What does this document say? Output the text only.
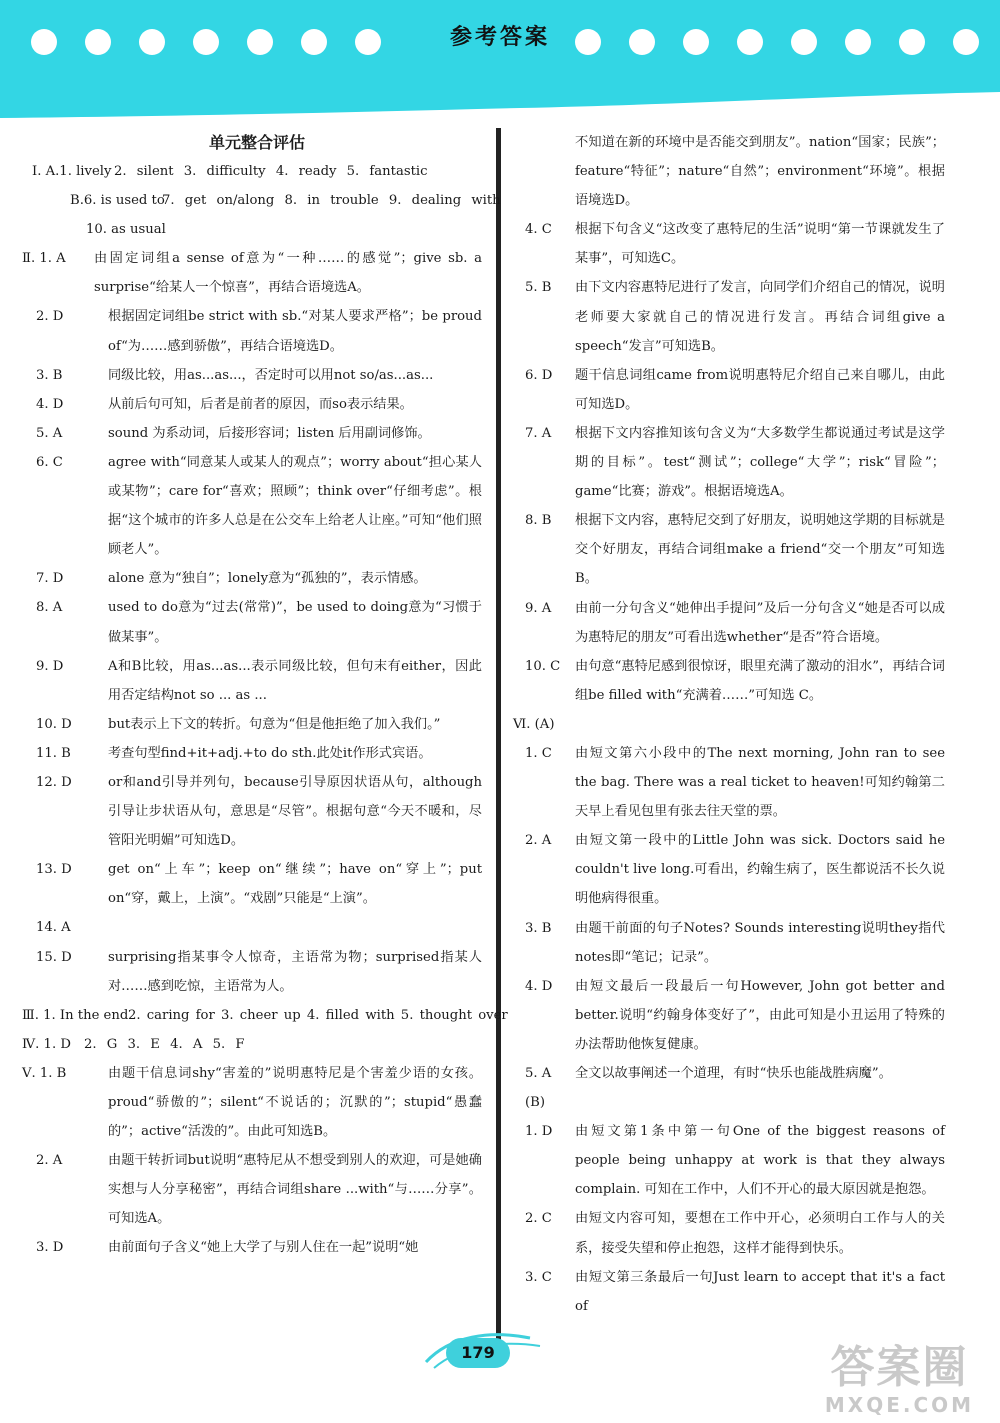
参考答案
单元整合评估
Ⅰ. A.1. lively 2. silent 3. difficulty 4. ready 5. fantastic
B.6. is used to
7. get on/along 8. in trouble 9. dealing with
10. as usual
Ⅱ. 1. A	由固定词组a sense of意为“一种……的感觉”；give sb. a surprise“给某人一个惊喜”，再结合语境选A。
2. D	根据固定词组be strict with sb.“对某人要求严格”；be proud of“为……感到骄傲”，再结合语境选D。
3. B	同级比较，用as...as...，否定时可以用not so/as...as...
4. D	从前后句可知，后者是前者的原因，而so表示结果。
5. A	sound 为系动词，后接形容词；listen 后用副词修饰。
6. C	agree with“同意某人或某人的观点”；worry about“担心某人或某物”；care for“喜欢；照顾”；think over“仔细考虑”。根据“这个城市的许多人总是在公交车上给老人让座。”可知“他们照顾老人”。
7. D	alone 意为“独自”；lonely意为“孤独的”，表示情感。
8. A	used to do意为“过去(常常)”，be used to doing意为“习惯于做某事”。
9. D	A和B比较，用as...as...表示同级比较，但句末有either，因此用否定结构not so ... as ...
10. D	but表示上下文的转折。句意为“但是他拒绝了加入我们。”
11. B	考查句型find+it+adj.+to do sth.此处it作形式宾语。
12. D	or和and引导并列句，because引导原因状语从句，although引导让步状语从句，意思是“尽管”。根据句意“今天不暖和，尽管阳光明媚”可知选D。
13. D	get on“上车”；keep on“继续”；have on“穿上”；put on“穿，戴上，上演”。“戏剧”只能是“上演”。
14. A
15. D	surprising指某事令人惊奇，主语常为物；surprised指某人对……感到吃惊，主语常为人。
Ⅲ. 1. In the end 2. caring for 3. cheer up 4. filled with 5. thought over
Ⅳ. 1. D 2. G 3. E 4. A 5. F
Ⅴ. 1. B	由题干信息词shy“害羞的”说明惠特尼是个害羞少语的女孩。proud“骄傲的”；silent“不说话的；沉默的”；stupid“愚蠢的”；active“活泼的”。由此可知选B。
2. A	由题干转折词but说明“惠特尼从不想受到别人的欢迎，可是她确实想与人分享秘密”，再结合词组share ...with“与……分享”。可知选A。
3. D	由前面句子含义“她上大学了与别人住在一起”说明“她
不知道在新的环境中是否能交到朋友”。nation“国家；民族”；feature“特征”；nature“自然”；environment“环境”。根据语境选D。
4. C	根据下句含义“这改变了惠特尼的生活”说明“第一节课就发生了某事”，可知选C。
5. B	由下文内容惠特尼进行了发言，向同学们介绍自己的情况，说明老师要大家就自己的情况进行发言。再结合词组give a speech“发言”可知选B。
6. D	题干信息词组came from说明惠特尼介绍自己来自哪儿，由此可知选D。
7. A	根据下文内容推知该句含义为“大多数学生都说通过考试是这学期的目标”。test“测试”；college“大学”；risk“冒险”；game“比赛；游戏”。根据语境选A。
8. B	根据下文内容，惠特尼交到了好朋友，说明她这学期的目标就是交个好朋友，再结合词组make a friend“交一个朋友”可知选B。
9. A	由前一分句含义“她伸出手提问”及后一分句含义“她是否可以成为惠特尼的朋友”可看出选whether“是否”符合语境。
10. C	由句意“惠特尼感到很惊讶，眼里充满了激动的泪水”，再结合词组be filled with“充满着……”可知选 C。
Ⅵ. (A)
1. C	由短文第六小段中的The next morning, John ran to see the bag. There was a real ticket to heaven!可知约翰第二天早上看见包里有张去往天堂的票。
2. A	由短文第一段中的Little John was sick. Doctors said he couldn't live long.可看出，约翰生病了，医生都说活不长久说明他病得很重。
3. B	由题干前面的句子Notes? Sounds interesting说明they指代notes即“笔记；记录”。
4. D	由短文最后一段最后一句However, John got better and better.说明“约翰身体变好了”，由此可知是小丑运用了特殊的办法帮助他恢复健康。
5. A	全文以故事阐述一个道理，有时“快乐也能战胜病魔”。
(B)
1. D	由短文第1条中第一句One of the biggest reasons of people being unhappy at work is that they always complain. 可知在工作中，人们不开心的最大原因就是抱怨。
2. C	由短文内容可知，要想在工作中开心，必须明白工作与人的关系，接受失望和停止抱怨，这样才能得到快乐。
3. C	由短文第三条最后一句Just learn to accept that it's a fact of
179	答案圈
MXQE.COM
